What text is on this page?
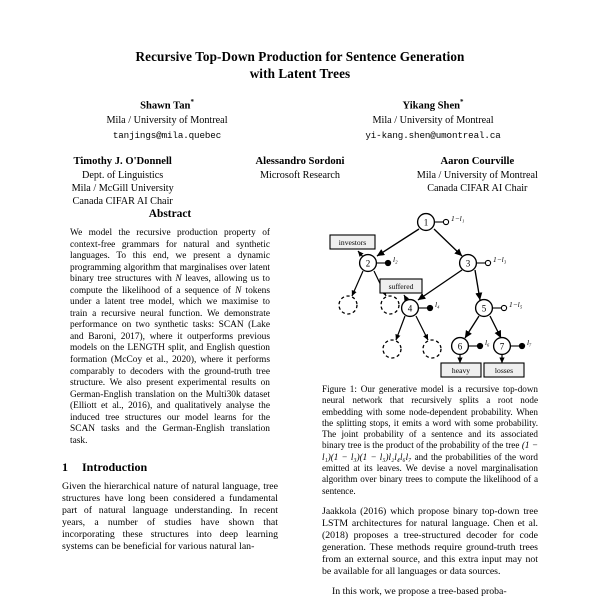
Recursive Top-Down Production for Sentence Generation
with Latent Trees
Shawn Tan*
Mila / University of Montreal
tanjings@mila.quebec
Yikang Shen*
Mila / University of Montreal
yi-kang.shen@umontreal.ca
Timothy J. O'Donnell
Dept. of Linguistics
Mila / McGill University
Canada CIFAR AI Chair
Alessandro Sordoni
Microsoft Research
Aaron Courville
Mila / University of Montreal
Canada CIFAR AI Chair
Abstract

We model the recursive production property of context-free grammars for natural and synthetic languages. To this end, we present a dynamic programming algorithm that marginalises over latent binary tree structures with N leaves, allowing us to compute the likelihood of a sequence of N tokens under a latent tree model, which we maximise to train a recursive neural function. We demonstrate performance on two synthetic tasks: SCAN (Lake and Baroni, 2017), where it outperforms previous models on the LENGTH split, and English question formation (McCoy et al., 2020), where it performs comparably to decoders with the ground-truth tree structure. We also present experimental results on German-English translation on the Multi30k dataset (Elliott et al., 2016), and qualitatively analyse the induced tree structures our model learns for the SCAN tasks and the German-English translation task.

1	Introduction

Given the hierarchical nature of natural language, tree structures have long been considered a fundamental part of natural language understanding. In recent years, a number of studies have shown that incorporating these structures into deep learning systems can be beneficial for various natural lan-

1
2	3
4	5
6	7
1−l₁
l₂	1−l₃
l₄	1−l₅
l₆	l₇
investors
suffered
heavy	losses

Figure 1: Our generative model is a recursive top-down neural network that recursively splits a root node embedding with some node-dependent probability. When the splitting stops, it emits a word with some probability. The joint probability of a sentence and its associated binary tree is the product of the probability of the tree (1 − l₁)(1 − l₃)(1 − l₅)l₂l₄l₆l₇ and the probabilities of the word emitted at its leaves. We devise a novel marginalisation algorithm over binary trees to compute the likelihood of a sentence.

Jaakkola (2016) which propose binary top-down tree LSTM architectures for natural language. Chen et al. (2018) proposes a tree-structured decoder for code generation. These methods require ground-truth trees from an external source, and this extra input may not be available for all languages or data sources.

In this work, we propose a tree-based proba-
